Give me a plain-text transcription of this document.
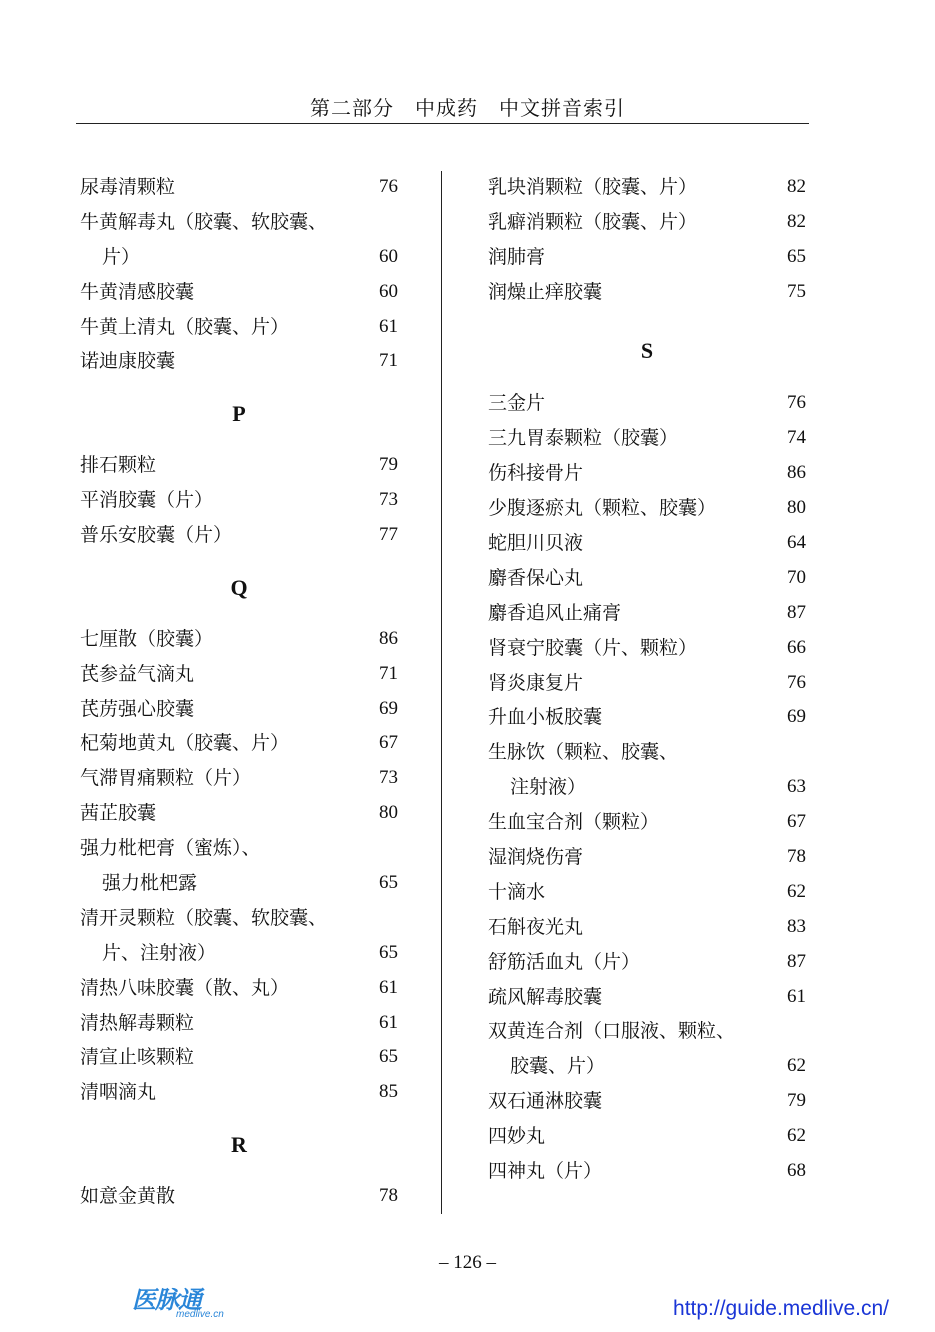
第二部分　中成药　中文拼音索引
尿毒清颗粒	76
牛黄解毒丸（胶囊、软胶囊、
片）	60
牛黄清感胶囊	60
牛黄上清丸（胶囊、片）	61
诺迪康胶囊	71
P
排石颗粒	79
平消胶囊（片）	73
普乐安胶囊（片）	77
Q
七厘散（胶囊）	86
芪参益气滴丸	71
芪苈强心胶囊	69
杞菊地黄丸（胶囊、片）	67
气滞胃痛颗粒（片）	73
茜芷胶囊	80
强力枇杷膏（蜜炼）、
强力枇杷露	65
清开灵颗粒（胶囊、软胶囊、
片、注射液）	65
清热八味胶囊（散、丸）	61
清热解毒颗粒	61
清宣止咳颗粒	65
清咽滴丸	85
R
如意金黄散	78
乳块消颗粒（胶囊、片）	82
乳癖消颗粒（胶囊、片）	82
润肺膏	65
润燥止痒胶囊	75
S
三金片	76
三九胃泰颗粒（胶囊）	74
伤科接骨片	86
少腹逐瘀丸（颗粒、胶囊）	80
蛇胆川贝液	64
麝香保心丸	70
麝香追风止痛膏	87
肾衰宁胶囊（片、颗粒）	66
肾炎康复片	76
升血小板胶囊	69
生脉饮（颗粒、胶囊、
注射液）	63
生血宝合剂（颗粒）	67
湿润烧伤膏	78
十滴水	62
石斛夜光丸	83
舒筋活血丸（片）	87
疏风解毒胶囊	61
双黄连合剂（口服液、颗粒、
胶囊、片）	62
双石通淋胶囊	79
四妙丸	62
四神丸（片）	68
– 126 –
医脉通
medlive.cn	http://guide.medlive.cn/
